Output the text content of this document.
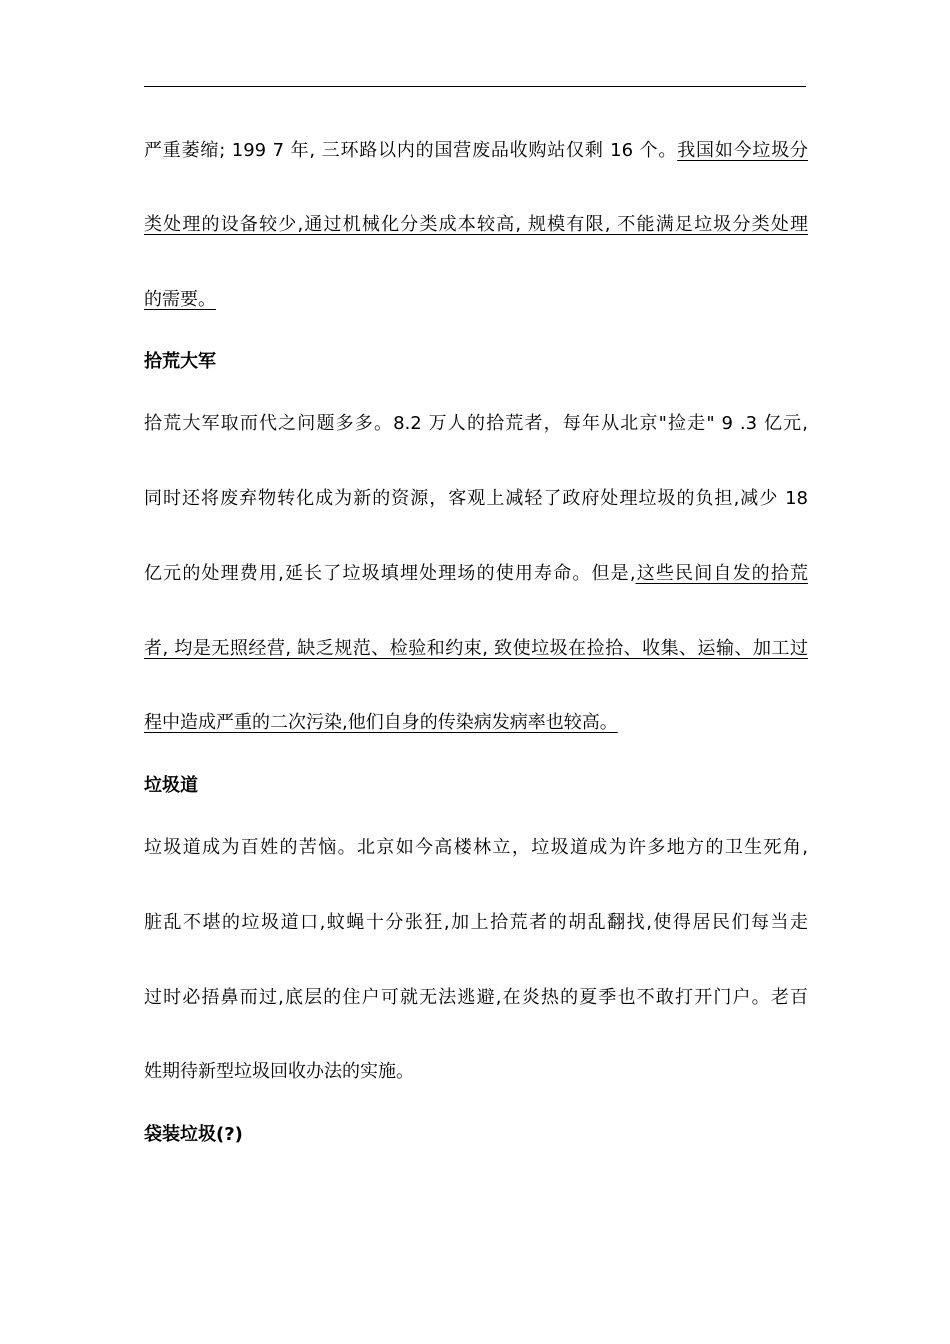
严重萎缩; 199 7 年, 三环路以内的国营废品收购站仅剩 16 个。我国如今垃圾分
类处理的设备较少,通过机械化分类成本较高, 规模有限, 不能满足垃圾分类处理
的需要。
拾荒大军
拾荒大军取而代之问题多多。8.2 万人的拾荒者，每年从北京"捡走" 9 .3 亿元,
同时还将废弃物转化成为新的资源，客观上减轻了政府处理垃圾的负担,减少 18
亿元的处理费用,延长了垃圾填埋处理场的使用寿命。但是,这些民间自发的拾荒
者, 均是无照经营, 缺乏规范、检验和约束, 致使垃圾在捡拾、收集、运输、加工过
程中造成严重的二次污染,他们自身的传染病发病率也较高。
垃圾道
垃圾道成为百姓的苦恼。北京如今高楼林立，垃圾道成为许多地方的卫生死角,
脏乱不堪的垃圾道口,蚊蝇十分张狂,加上拾荒者的胡乱翻找,使得居民们每当走
过时必捂鼻而过,底层的住户可就无法逃避,在炎热的夏季也不敢打开门户。老百
姓期待新型垃圾回收办法的实施。
袋装垃圾(?)
